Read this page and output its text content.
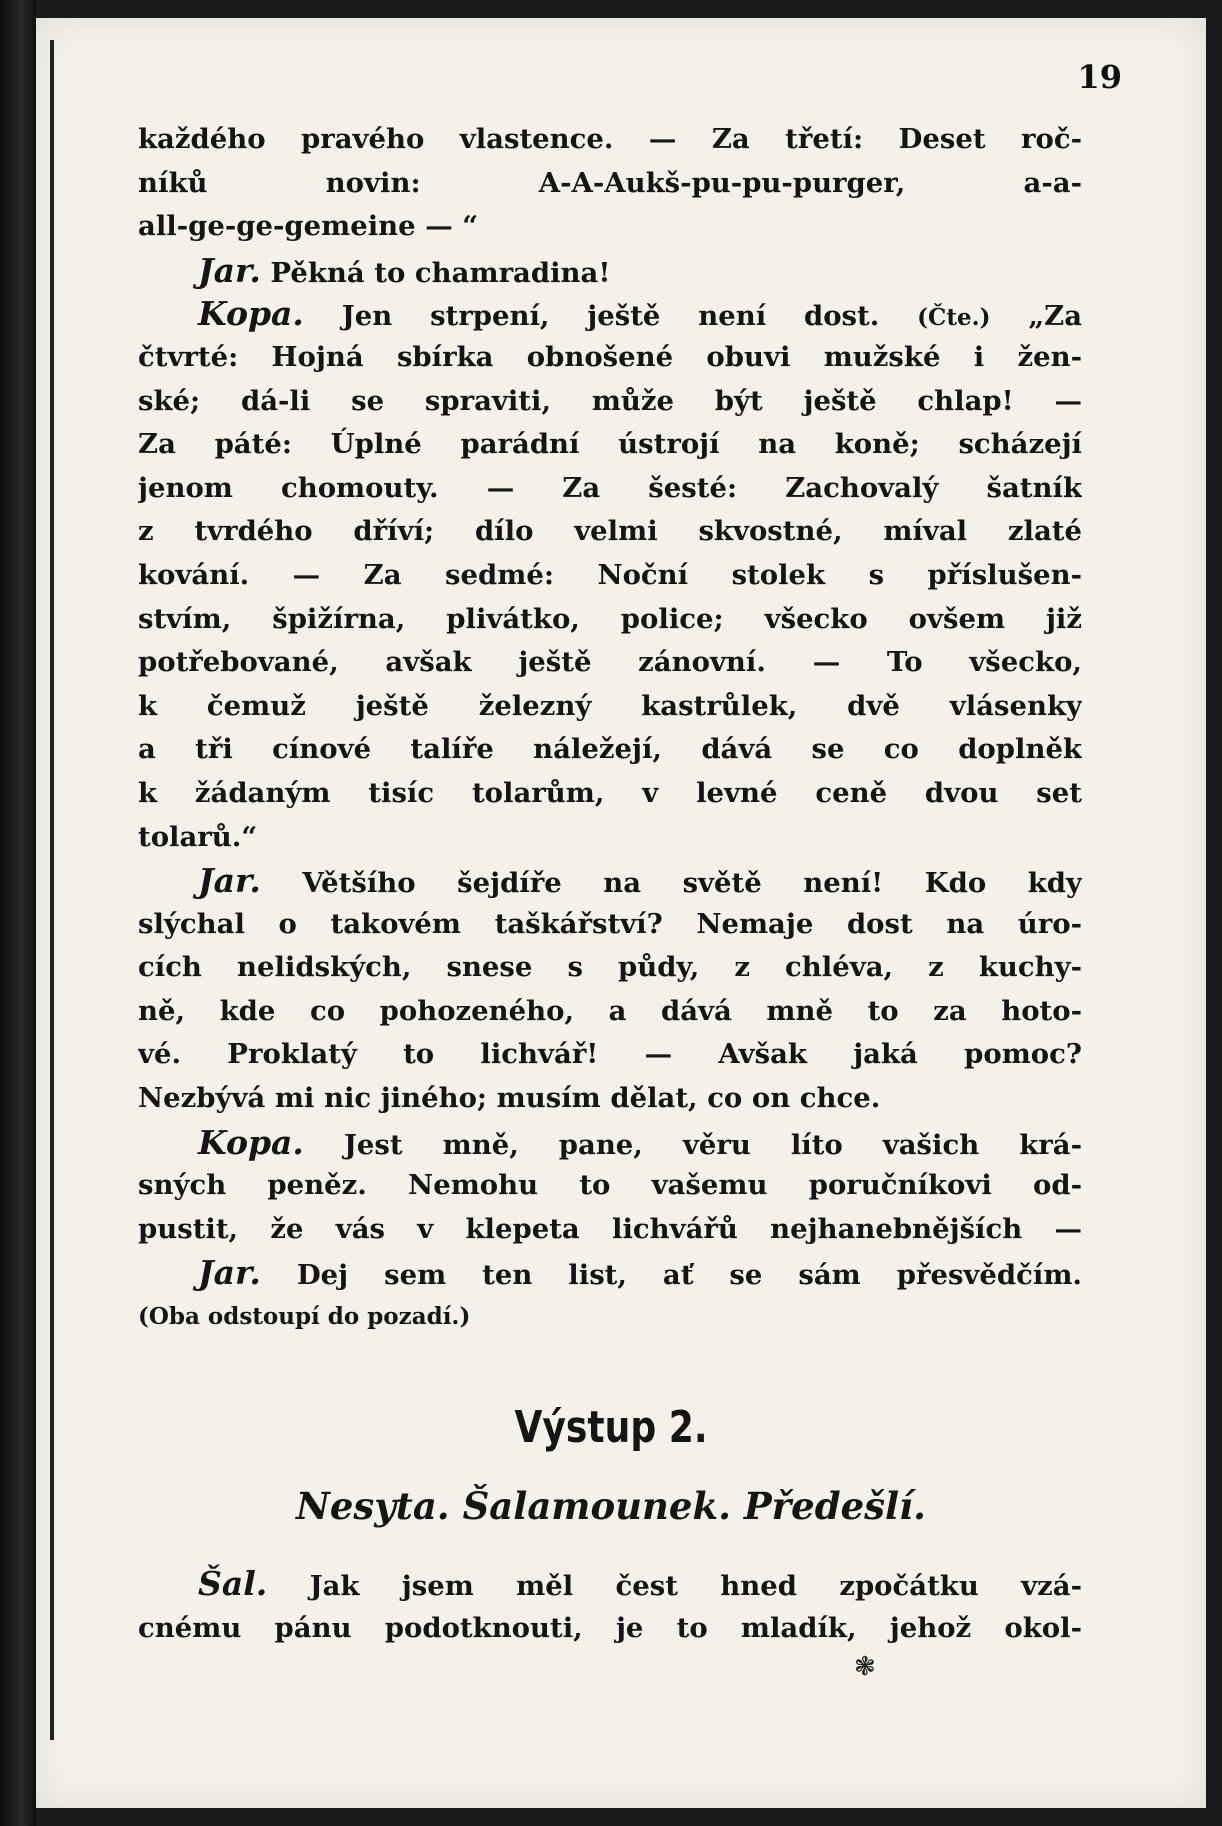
19
každého pravého vlastence. — Za třetí: Deset roč-
níků novin: A-A-Aukš-pu-pu-purger, a-a-
all-ge-ge-gemeine — “
Jar. Pěkná to chamradina!
Kopa. Jen strpení, ještě není dost. (Čte.) „Za
čtvrté: Hojná sbírka obnošené obuvi mužské i žen-
ské; dá-li se spraviti, může být ještě chlap! —
Za páté: Úplné parádní ústrojí na koně; scházejí
jenom chomouty. — Za šesté: Zachovalý šatník
z tvrdého dříví; dílo velmi skvostné, míval zlaté
kování. — Za sedmé: Noční stolek s příslušen-
stvím, špižírna, plivátko, police; všecko ovšem již
potřebované, avšak ještě zánovní. — To všecko,
k čemuž ještě železný kastrůlek, dvě vlásenky
a tři cínové talíře náležejí, dává se co doplněk
k žádaným tisíc tolarům, v levné ceně dvou set
tolarů.“
Jar. Většího šejdíře na světě není! Kdo kdy
slýchal o takovém taškářství? Nemaje dost na úro-
cích nelidských, snese s půdy, z chléva, z kuchy-
ně, kde co pohozeného, a dává mně to za hoto-
vé. Proklatý to lichvář! — Avšak jaká pomoc?
Nezbývá mi nic jiného; musím dělat, co on chce.
Kopa. Jest mně, pane, věru líto vašich krá-
sných peněz. Nemohu to vašemu poručníkovi od-
pustit, že vás v klepeta lichvářů nejhanebnějších —
Jar. Dej sem ten list, ať se sám přesvědčím.
(Oba odstoupí do pozadí.)
Výstup 2.
Nesyta. Šalamounek. Předešlí.
Šal. Jak jsem měl čest hned zpočátku vzá-
cnému pánu podotknouti, je to mladík, jehož okol-
❃
